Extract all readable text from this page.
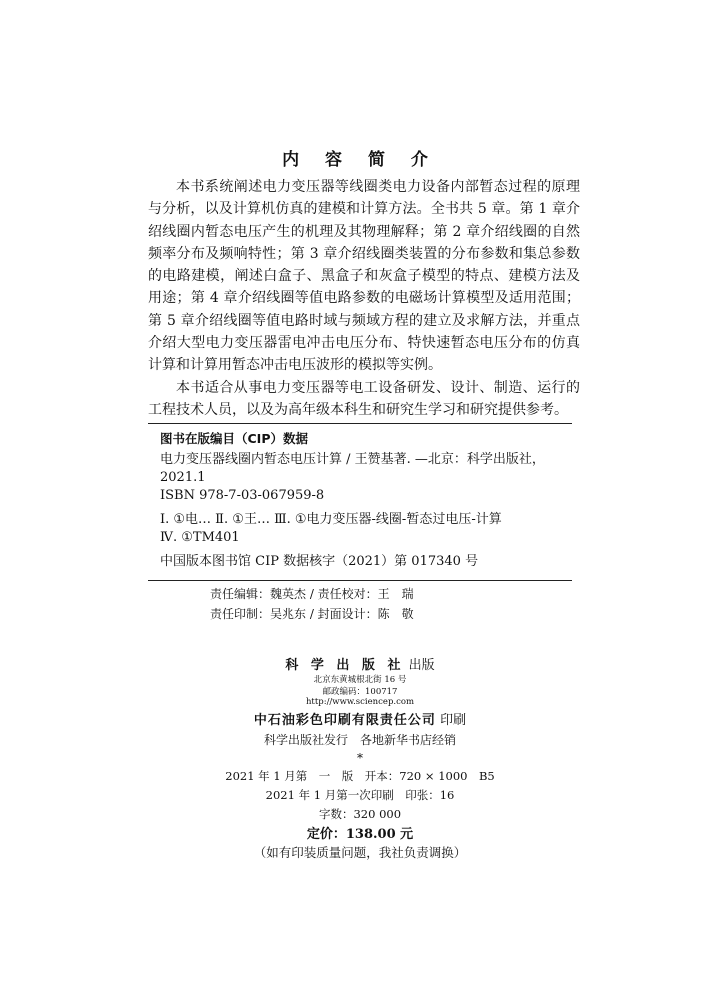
内 容 简 介

本书系统阐述电力变压器等线圈类电力设备内部暂态过程的原理与分析，以及计算机仿真的建模和计算方法。全书共 5 章。第 1 章介绍线圈内暂态电压产生的机理及其物理解释；第 2 章介绍线圈的自然频率分布及频响特性；第 3 章介绍线圈类装置的分布参数和集总参数的电路建模，阐述白盒子、黑盒子和灰盒子模型的特点、建模方法及用途；第 4 章介绍线圈等值电路参数的电磁场计算模型及适用范围；第 5 章介绍线圈等值电路时域与频域方程的建立及求解方法，并重点介绍大型电力变压器雷电冲击电压分布、特快速暂态电压分布的仿真计算和计算用暂态冲击电压波形的模拟等实例。

本书适合从事电力变压器等电工设备研发、设计、制造、运行的工程技术人员，以及为高年级本科生和研究生学习和研究提供参考。

图书在版编目（CIP）数据
电力变压器线圈内暂态电压计算 / 王赞基著. —北京：科学出版社，
2021.1
ISBN 978-7-03-067959-8
Ⅰ. ①电… Ⅱ. ①王… Ⅲ. ①电力变压器-线圈-暂态过电压-计算
Ⅳ. ①TM401
中国版本图书馆 CIP 数据核字（2021）第 017340 号
责任编辑：魏英杰 / 责任校对：王　瑞
责任印制：吴兆东 / 封面设计：陈　敬
科 学 出 版 社 出版
北京东黄城根北街 16 号
邮政编码：100717
http://www.sciencep.com
中石油彩色印刷有限责任公司 印刷
科学出版社发行　各地新华书店经销
*
2021 年 1 月第　一　版　开本：720 × 1000　B5
2021 年 1 月第一次印刷　印张：16
字数：320 000
定价：138.00 元
（如有印装质量问题，我社负责调换）
